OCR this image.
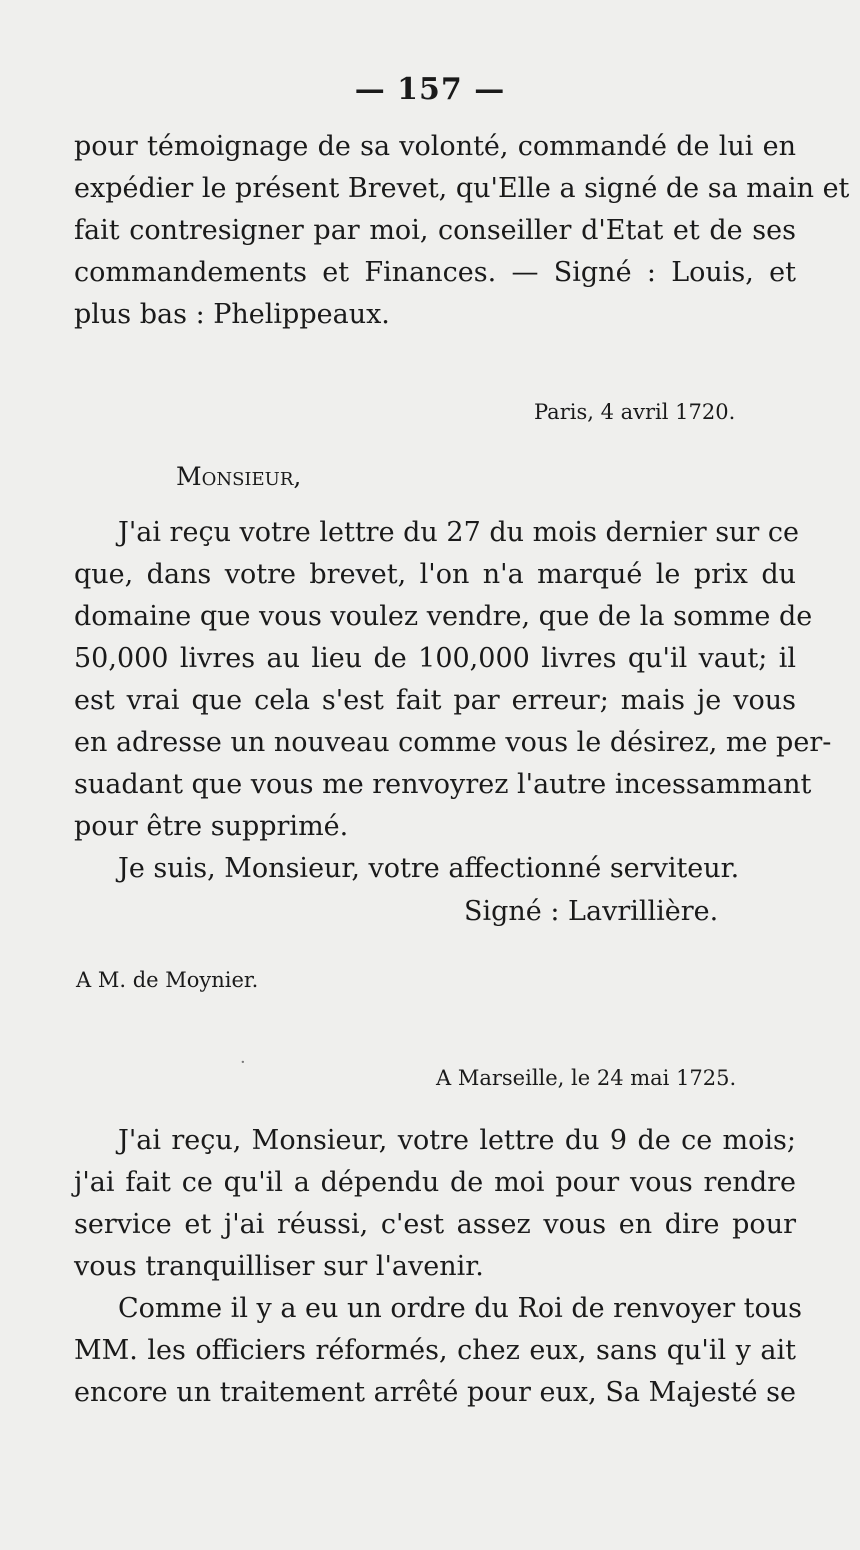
— 157 —
pour témoignage de sa volonté, commandé de lui en
expédier le présent Brevet, qu'Elle a signé de sa main et
fait contresigner par moi, conseiller d'Etat et de ses
commandements et Finances. — Signé : Louis, et
plus bas : Phelippeaux.
Paris, 4 avril 1720.
Monsieur,
J'ai reçu votre lettre du 27 du mois dernier sur ce
que, dans votre brevet, l'on n'a marqué le prix du
domaine que vous voulez vendre, que de la somme de
50,000 livres au lieu de 100,000 livres qu'il vaut; il
est vrai que cela s'est fait par erreur; mais je vous
en adresse un nouveau comme vous le désirez, me per-
suadant que vous me renvoyrez l'autre incessammant
pour être supprimé.
Je suis, Monsieur, votre affectionné serviteur.
Signé : Lavrillière.
A M. de Moynier.
·
A Marseille, le 24 mai 1725.
J'ai reçu, Monsieur, votre lettre du 9 de ce mois;
j'ai fait ce qu'il a dépendu de moi pour vous rendre
service et j'ai réussi, c'est assez vous en dire pour
vous tranquilliser sur l'avenir.
Comme il y a eu un ordre du Roi de renvoyer tous
MM. les officiers réformés, chez eux, sans qu'il y ait
encore un traitement arrêté pour eux, Sa Majesté se
